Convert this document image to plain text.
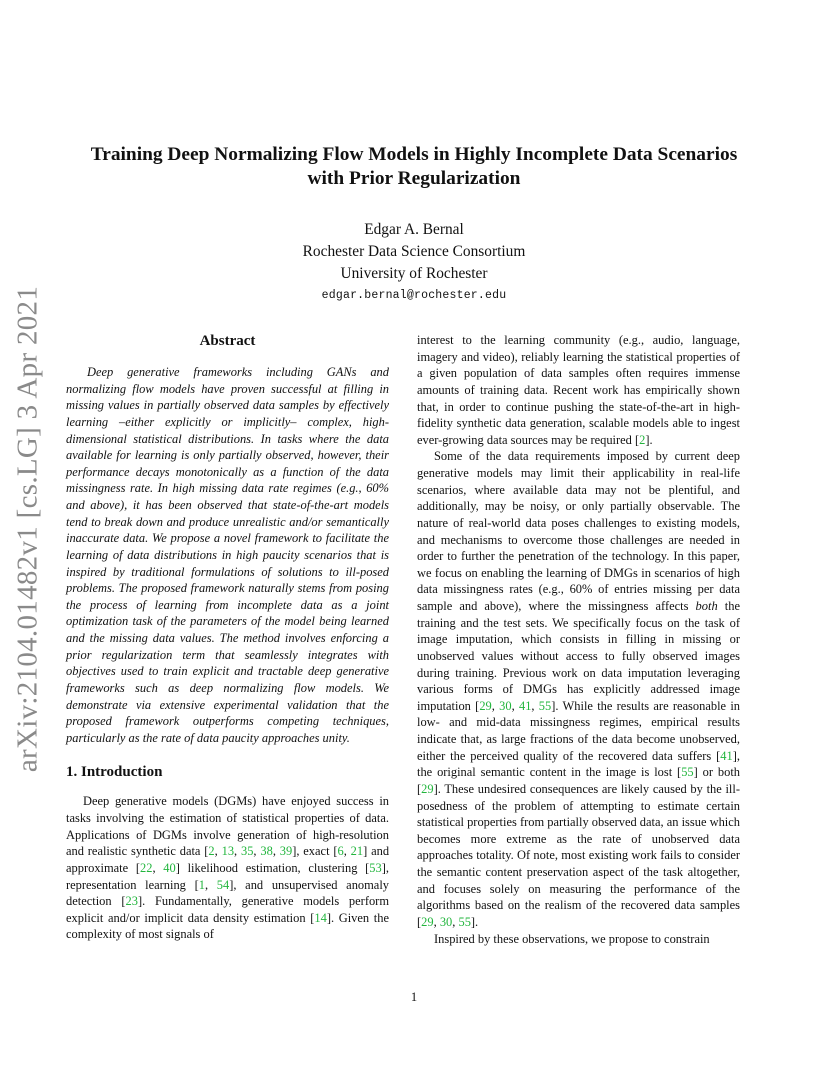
arXiv:2104.01482v1 [cs.LG] 3 Apr 2021
Training Deep Normalizing Flow Models in Highly Incomplete Data Scenarios
with Prior Regularization
Edgar A. Bernal
Rochester Data Science Consortium
University of Rochester
edgar.bernal@rochester.edu
Abstract

Deep generative frameworks including GANs and normalizing flow models have proven successful at filling in missing values in partially observed data samples by effectively learning –either explicitly or implicitly– complex, high-dimensional statistical distributions. In tasks where the data available for learning is only partially observed, however, their performance decays monotonically as a function of the data missingness rate. In high missing data rate regimes (e.g., 60% and above), it has been observed that state-of-the-art models tend to break down and produce unrealistic and/or semantically inaccurate data. We propose a novel framework to facilitate the learning of data distributions in high paucity scenarios that is inspired by traditional formulations of solutions to ill-posed problems. The proposed framework naturally stems from posing the process of learning from incomplete data as a joint optimization task of the parameters of the model being learned and the missing data values. The method involves enforcing a prior regularization term that seamlessly integrates with objectives used to train explicit and tractable deep generative frameworks such as deep normalizing flow models. We demonstrate via extensive experimental validation that the proposed framework outperforms competing techniques, particularly as the rate of data paucity approaches unity.

1. Introduction

Deep generative models (DGMs) have enjoyed success in tasks involving the estimation of statistical properties of data. Applications of DGMs involve generation of high-resolution and realistic synthetic data [2, 13, 35, 38, 39], exact [6, 21] and approximate [22, 40] likelihood estimation, clustering [53], representation learning [1, 54], and unsupervised anomaly detection [23]. Fundamentally, generative models perform explicit and/or implicit data density estimation [14]. Given the complexity of most signals of

interest to the learning community (e.g., audio, language, imagery and video), reliably learning the statistical properties of a given population of data samples often requires immense amounts of training data. Recent work has empirically shown that, in order to continue pushing the state-of-the-art in high-fidelity synthetic data generation, scalable models able to ingest ever-growing data sources may be required [2].

Some of the data requirements imposed by current deep generative models may limit their applicability in real-life scenarios, where available data may not be plentiful, and additionally, may be noisy, or only partially observable. The nature of real-world data poses challenges to existing models, and mechanisms to overcome those challenges are needed in order to further the penetration of the technology. In this paper, we focus on enabling the learning of DMGs in scenarios of high data missingness rates (e.g., 60% of entries missing per data sample and above), where the missingness affects both the training and the test sets. We specifically focus on the task of image imputation, which consists in filling in missing or unobserved values without access to fully observed images during training. Previous work on data imputation leveraging various forms of DMGs has explicitly addressed image imputation [29, 30, 41, 55]. While the results are reasonable in low- and mid-data missingness regimes, empirical results indicate that, as large fractions of the data become unobserved, either the perceived quality of the recovered data suffers [41], the original semantic content in the image is lost [55] or both [29]. These undesired consequences are likely caused by the ill-posedness of the problem of attempting to estimate certain statistical properties from partially observed data, an issue which becomes more extreme as the rate of unobserved data approaches totality. Of note, most existing work fails to consider the semantic content preservation aspect of the task altogether, and focuses solely on measuring the performance of the algorithms based on the realism of the recovered data samples [29, 30, 55].

Inspired by these observations, we propose to constrain

1
